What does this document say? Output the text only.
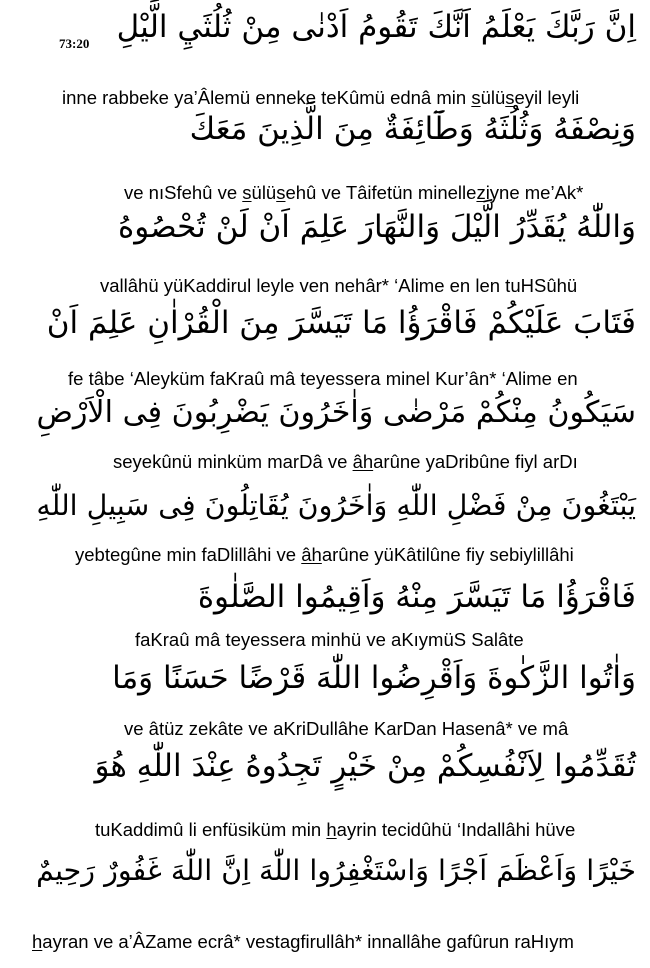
73:20 اِنَّ رَبَّكَ يَعْلَمُ اَنَّكَ تَقُومُ اَدْنٰى مِنْ ثُلُثَيِ الَّيْلِ
inne rabbeke ya’Âlemü enneke teKûmü ednâ min sülüseyil leyli
وَنِصْفَهُ وَثُلُثَهُ وَطَٓائِفَةٌ مِنَ الَّذِينَ مَعَكَ
ve nıSfehû ve sülüsehû ve Tâifetün minelleziyne me’Ak*
وَاللّٰهُ يُقَدِّرُ الَّيْلَ وَالنَّهَارَ عَلِمَ اَنْ لَنْ تُحْصُوهُ
vallâhü yüKaddirul leyle ven nehâr* ‘Alime en len tuHSûhü
فَتَابَ عَلَيْكُمْ فَاقْرَؤُا مَا تَيَسَّرَ مِنَ الْقُرْاٰنِ عَلِمَ اَنْ
fe tâbe ‘Aleyküm faKraû mâ teyessera minel Kur’ân* ‘Alime en
سَيَكُونُ مِنْكُمْ مَرْضٰى وَاٰخَرُونَ يَضْرِبُونَ فِى الْاَرْضِ
seyekûnü minküm marDâ ve âharûne yaDribûne fiyl arDı
يَبْتَغُونَ مِنْ فَضْلِ اللّٰهِ وَاٰخَرُونَ يُقَاتِلُونَ فِى سَبِيلِ اللّٰهِ
yebtegûne min faDlillâhi ve âharûne yüKâtilûne fiy sebiylillâhi
فَاقْرَؤُا مَا تَيَسَّرَ مِنْهُ وَاَقِيمُوا الصَّلٰوةَ
faKraû mâ teyessera minhü ve aKıymüS Salâte
وَاٰتُوا الزَّكٰوةَ وَاَقْرِضُوا اللّٰهَ قَرْضًا حَسَنًا وَمَا
ve âtüz zekâte ve aKriDullâhe KarDan Hasenâ* ve mâ
تُقَدِّمُوا لِاَنْفُسِكُمْ مِنْ خَيْرٍ تَجِدُوهُ عِنْدَ اللّٰهِ هُوَ
tuKaddimû li enfüsiküm min hayrin tecidûhü ‘Indallâhi hüve
خَيْرًا وَاَعْظَمَ اَجْرًا وَاسْتَغْفِرُوا اللّٰهَ اِنَّ اللّٰهَ غَفُورٌ رَحِيمٌ
hayran ve a’ÂZame ecrâ* vestagfirullâh* innallâhe gafûrun raHıym
